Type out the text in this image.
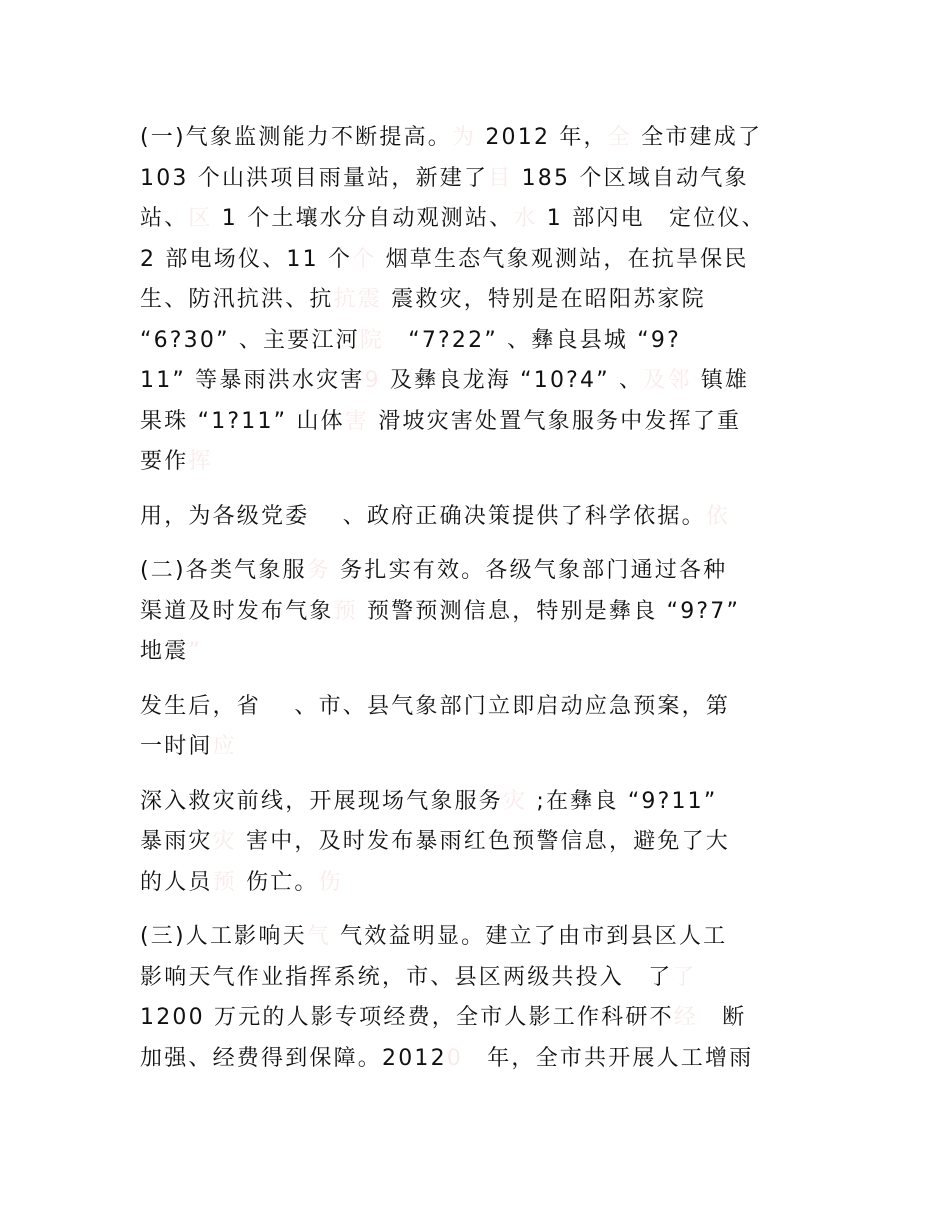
(一)气象监测能力不断提高。为 2012 年，全 全市建成了
103 个山洪项目雨量站，新建了目 185 个区域自动气象
站、区 1 个土壤水分自动观测站、水 1 部闪电　定位仪、
2 部电场仪、11 个个 烟草生态气象观测站，在抗旱保民
生、防汛抗洪、抗抗震 震救灾，特别是在昭阳苏家院
“6?30” 、主要江河院　“7?22” 、彝良县城 “9?
11” 等暴雨洪水灾害9 及彝良龙海 “10?4” 、及邻 镇雄
果珠 “1?11” 山体害 滑坡灾害处置气象服务中发挥了重
要作挥
用，为各级党委　 、政府正确决策提供了科学依据。依
(二)各类气象服务 务扎实有效。各级气象部门通过各种
渠道及时发布气象预 预警预测信息，特别是彝良 “9?7”
地震”
发生后，省　 、市、县气象部门立即启动应急预案，第
一时间应
深入救灾前线，开展现场气象服务灾 ;在彝良 “9?11”
暴雨灾灾 害中，及时发布暴雨红色预警信息，避免了大
的人员预 伤亡。伤
(三)人工影响天气 气效益明显。建立了由市到县区人工
影响天气作业指挥系统，市、县区两级共投入　了了
1200 万元的人影专项经费，全市人影工作科研不经　断
加强、经费得到保障。20120　年，全市共开展人工增雨
